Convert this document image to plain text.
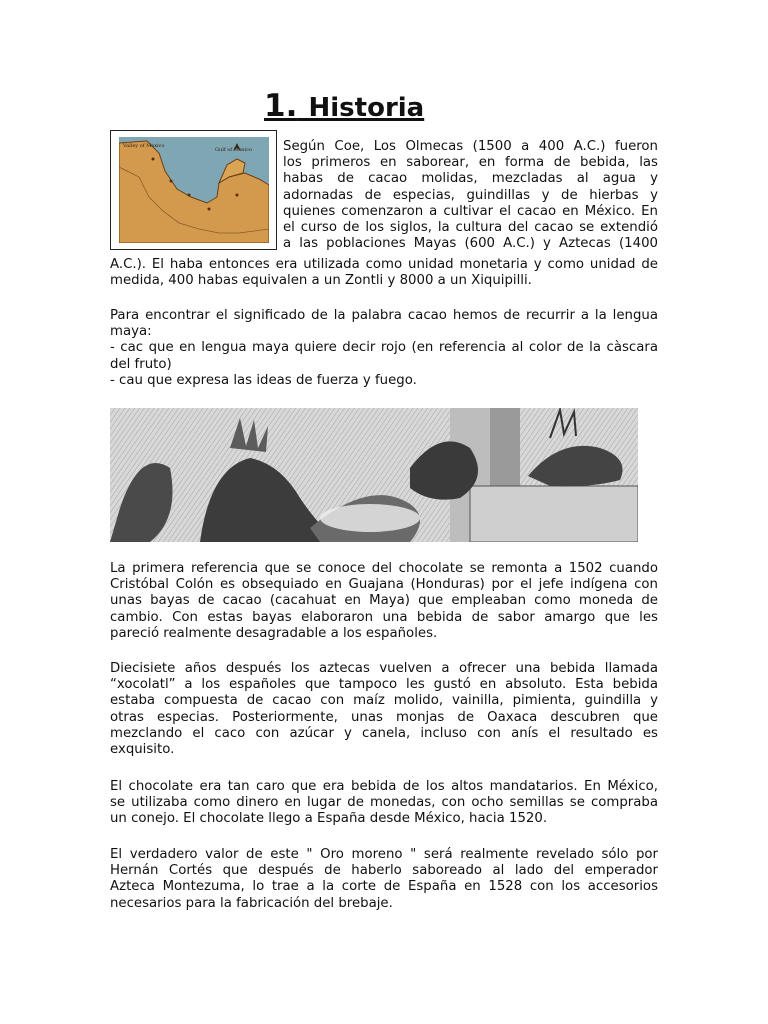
1. Historia
Valley of Mexico
Gulf of Mexico Según Coe, Los Olmecas (1500 a 400 A.C.) fueron
los primeros en saborear, en forma de bebida, las
habas de cacao molidas, mezcladas al agua y
adornadas de especias, guindillas y de hierbas y
quienes comenzaron a cultivar el cacao en México. En
el curso de los siglos, la cultura del cacao se extendió
a las poblaciones Mayas (600 A.C.) y Aztecas (1400
A.C.). El haba entonces era utilizada como unidad monetaria y como unidad de
medida, 400 habas equivalen a un Zontli y 8000 a un Xiquipilli.
Para encontrar el significado de la palabra cacao hemos de recurrir a la lengua
maya:
- cac que en lengua maya quiere decir rojo (en referencia al color de la càscara
del fruto)
- cau que expresa las ideas de fuerza y fuego.
La primera referencia que se conoce del chocolate se remonta a 1502 cuando
Cristóbal Colón es obsequiado en Guajana (Honduras) por el jefe indígena con
unas bayas de cacao (cacahuat en Maya) que empleaban como moneda de
cambio. Con estas bayas elaboraron una bebida de sabor amargo que les
pareció realmente desagradable a los españoles.
Diecisiete años después los aztecas vuelven a ofrecer una bebida llamada
“xocolatl” a los españoles que tampoco les gustó en absoluto. Esta bebida
estaba compuesta de cacao con maíz molido, vainilla, pimienta, guindilla y
otras especias. Posteriormente, unas monjas de Oaxaca descubren que
mezclando el caco con azúcar y canela, incluso con anís el resultado es
exquisito.
El chocolate era tan caro que era bebida de los altos mandatarios. En México,
se utilizaba como dinero en lugar de monedas, con ocho semillas se compraba
un conejo. El chocolate llego a España desde México, hacia 1520.
El verdadero valor de este " Oro moreno " será realmente revelado sólo por
Hernán Cortés que después de haberlo saboreado al lado del emperador
Azteca Montezuma, lo trae a la corte de España en 1528 con los accesorios
necesarios para la fabricación del brebaje.
